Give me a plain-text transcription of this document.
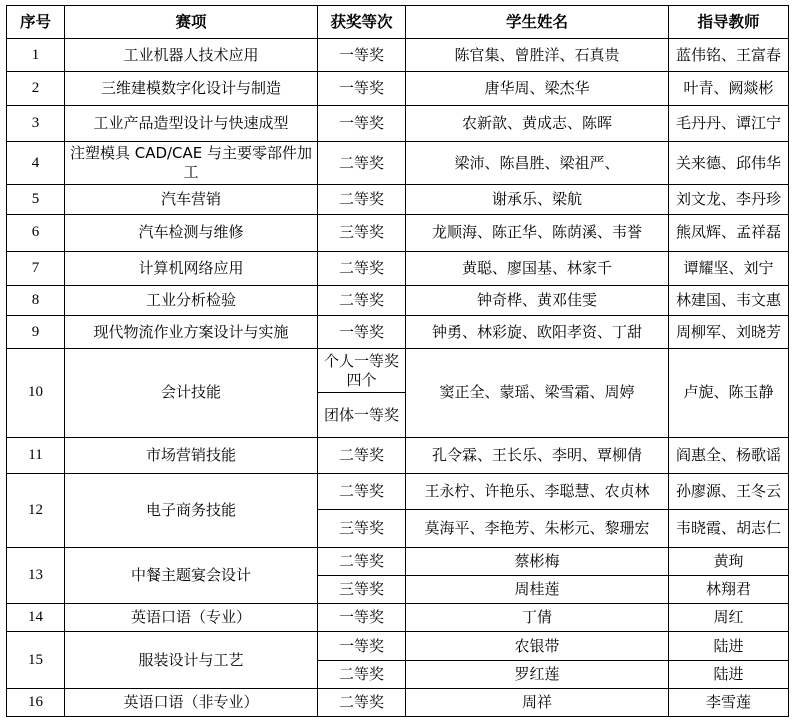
序号	赛项	获奖等次	学生姓名	指导教师
1	工业机器人技术应用	一等奖	陈官集、曾胜洋、石真贵	蓝伟铭、王富春
2	三维建模数字化设计与制造	一等奖	唐华周、梁杰华	叶青、阙燚彬
3	工业产品造型设计与快速成型	一等奖	农新歆、黄成志、陈晖	毛丹丹、谭江宁
4	注塑模具 CAD/CAE 与主要零部件加工	二等奖	梁沛、陈昌胜、梁祖严、	关来德、邱伟华
5	汽车营销	二等奖	谢承乐、梁航	刘文龙、李丹珍
6	汽车检测与维修	三等奖	龙顺海、陈正华、陈荫溪、韦誉	熊凤辉、孟祥磊
7	计算机网络应用	二等奖	黄聪、廖国基、林家千	谭耀坚、刘宁
8	工业分析检验	二等奖	钟奇桦、黄邓佳雯	林建国、韦文惠
9	现代物流作业方案设计与实施	一等奖	钟勇、林彩旋、欧阳孝资、丁甜	周柳军、刘晓芳
10	会计技能	个人一等奖四个	窦正全、蒙瑶、梁雪霜、周婷	卢旎、陈玉静
		团体一等奖		
11	市场营销技能	二等奖	孔令霖、王长乐、李明、覃柳倩	阎惠全、杨歌谣
12	电子商务技能	二等奖	王永柠、许艳乐、李聪慧、农贞林	孙廖源、王冬云
		三等奖	莫海平、李艳芳、朱彬元、黎珊宏	韦晓霞、胡志仁
13	中餐主题宴会设计	二等奖	蔡彬梅	黄珣
		三等奖	周桂莲	林翔君
14	英语口语（专业）	一等奖	丁倩	周红
15	服装设计与工艺	一等奖	农银带	陆进
		二等奖	罗红莲	陆进
16	英语口语（非专业）	二等奖	周祥	李雪莲
